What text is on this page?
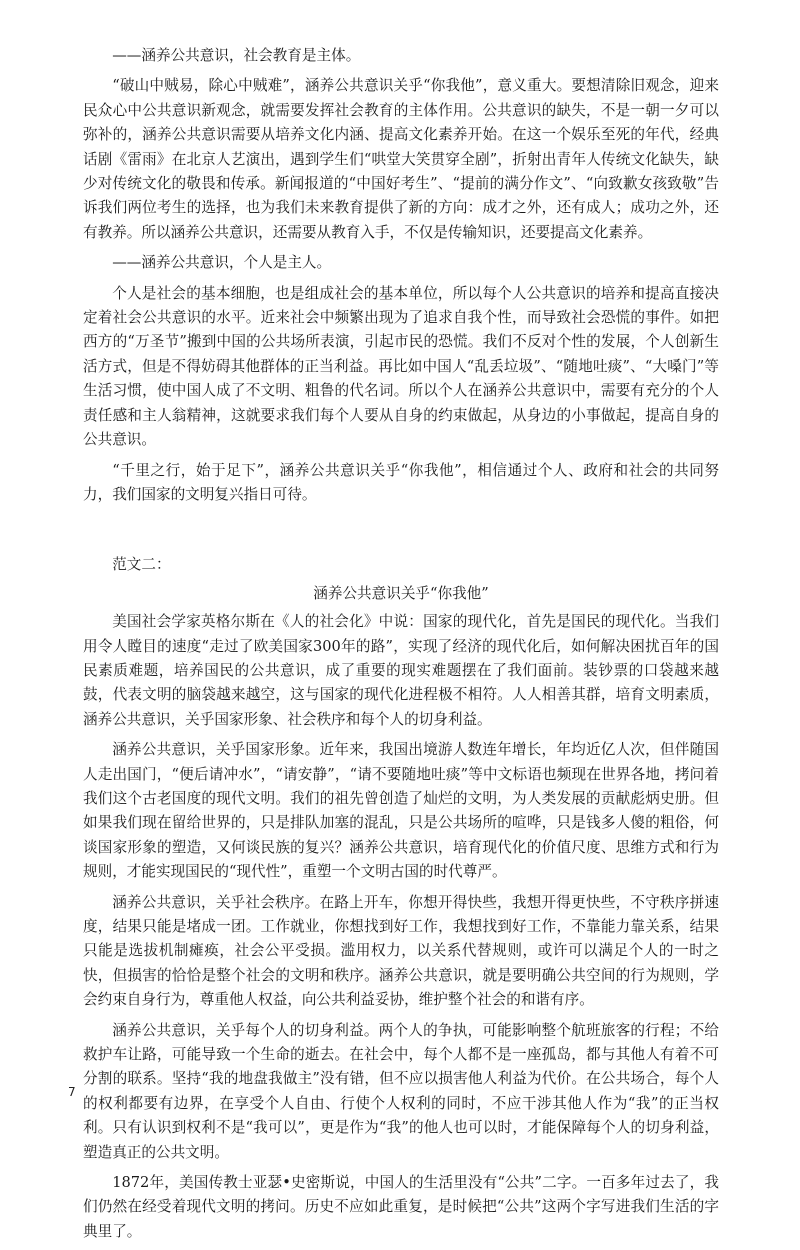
——涵养公共意识，社会教育是主体。

“破山中贼易，除心中贼难”，涵养公共意识关乎“你我他”，意义重大。要想清除旧观念，迎来民众心中公共意识新观念，就需要发挥社会教育的主体作用。公共意识的缺失，不是一朝一夕可以弥补的，涵养公共意识需要从培养文化内涵、提高文化素养开始。在这一个娱乐至死的年代，经典话剧《雷雨》在北京人艺演出，遇到学生们“哄堂大笑贯穿全剧”，折射出青年人传统文化缺失，缺少对传统文化的敬畏和传承。新闻报道的“中国好考生”、“提前的满分作文”、“向致歉女孩致敬”告诉我们两位考生的选择，也为我们未来教育提供了新的方向：成才之外，还有成人；成功之外，还有教养。所以涵养公共意识，还需要从教育入手，不仅是传输知识，还要提高文化素养。

——涵养公共意识，个人是主人。

个人是社会的基本细胞，也是组成社会的基本单位，所以每个人公共意识的培养和提高直接决定着社会公共意识的水平。近来社会中频繁出现为了追求自我个性，而导致社会恐慌的事件。如把西方的“万圣节”搬到中国的公共场所表演，引起市民的恐慌。我们不反对个性的发展，个人创新生活方式，但是不得妨碍其他群体的正当利益。再比如中国人“乱丢垃圾”、“随地吐痰”、“大嗓门”等生活习惯，使中国人成了不文明、粗鲁的代名词。所以个人在涵养公共意识中，需要有充分的个人责任感和主人翁精神，这就要求我们每个人要从自身的约束做起，从身边的小事做起，提高自身的公共意识。

“千里之行，始于足下”，涵养公共意识关乎“你我他”，相信通过个人、政府和社会的共同努力，我们国家的文明复兴指日可待。

范文二：

涵养公共意识关乎“你我他”

美国社会学家英格尔斯在《人的社会化》中说：国家的现代化，首先是国民的现代化。当我们用令人瞠目的速度“走过了欧美国家300年的路”，实现了经济的现代化后，如何解决困扰百年的国民素质难题，培养国民的公共意识，成了重要的现实难题摆在了我们面前。装钞票的口袋越来越鼓，代表文明的脑袋越来越空，这与国家的现代化进程极不相符。人人相善其群，培育文明素质，涵养公共意识，关乎国家形象、社会秩序和每个人的切身利益。

涵养公共意识，关乎国家形象。近年来，我国出境游人数连年增长，年均近亿人次，但伴随国人走出国门，“便后请冲水”，“请安静”，“请不要随地吐痰”等中文标语也频现在世界各地，拷问着我们这个古老国度的现代文明。我们的祖先曾创造了灿烂的文明，为人类发展的贡献彪炳史册。但如果我们现在留给世界的，只是排队加塞的混乱，只是公共场所的喧哗，只是钱多人傻的粗俗，何谈国家形象的塑造，又何谈民族的复兴？涵养公共意识，培育现代化的价值尺度、思维方式和行为规则，才能实现国民的“现代性”，重塑一个文明古国的时代尊严。

涵养公共意识，关乎社会秩序。在路上开车，你想开得快些，我想开得更快些，不守秩序拼速度，结果只能是堵成一团。工作就业，你想找到好工作，我想找到好工作，不靠能力靠关系，结果只能是选拔机制瘫痪，社会公平受损。滥用权力，以关系代替规则，或许可以满足个人的一时之快，但损害的恰恰是整个社会的文明和秩序。涵养公共意识，就是要明确公共空间的行为规则，学会约束自身行为，尊重他人权益，向公共利益妥协，维护整个社会的和谐有序。

涵养公共意识，关乎每个人的切身利益。两个人的争执，可能影响整个航班旅客的行程；不给救护车让路，可能导致一个生命的逝去。在社会中，每个人都不是一座孤岛，都与其他人有着不可分割的联系。坚持“我的地盘我做主”没有错，但不应以损害他人利益为代价。在公共场合，每个人的权利都要有边界，在享受个人自由、行使个人权利的同时，不应干涉其他人作为“我”的正当权利。只有认识到权利不是“我可以”，更是作为“我”的他人也可以时，才能保障每个人的切身利益，塑造真正的公共文明。

1872年，美国传教士亚瑟•史密斯说，中国人的生活里没有“公共”二字。一百多年过去了，我们仍然在经受着现代文明的拷问。历史不应如此重复，是时候把“公共”这两个字写进我们生活的字典里了。

7
